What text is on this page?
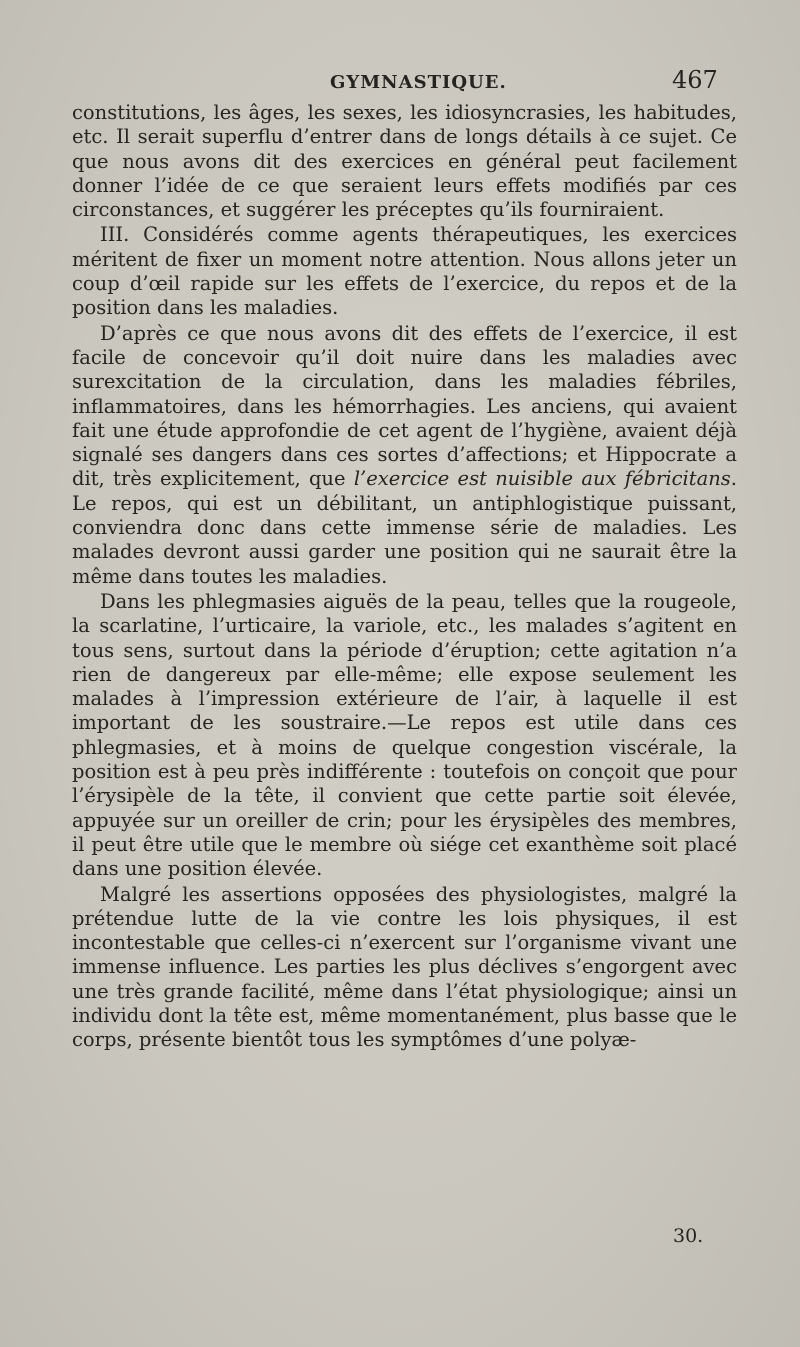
GYMNASTIQUE.	467

constitutions, les âges, les sexes, les idiosyncrasies, les habitudes, etc. Il serait superflu d’entrer dans de longs détails à ce sujet. Ce que nous avons dit des exercices en général peut facilement donner l’idée de ce que seraient leurs effets modifiés par ces circonstances, et suggérer les préceptes qu’ils fourniraient.

III. Considérés comme agents thérapeutiques, les exercices méritent de fixer un moment notre attention. Nous allons jeter un coup d’œil rapide sur les effets de l’exercice, du repos et de la position dans les maladies.

D’après ce que nous avons dit des effets de l’exercice, il est facile de concevoir qu’il doit nuire dans les maladies avec surexcitation de la circulation, dans les maladies fébriles, inflammatoires, dans les hémorrhagies. Les anciens, qui avaient fait une étude approfondie de cet agent de l’hygiène, avaient déjà signalé ses dangers dans ces sortes d’affections; et Hippocrate a dit, très explicitement, que l’exercice est nuisible aux fébricitans. Le repos, qui est un débilitant, un antiphlogistique puissant, conviendra donc dans cette immense série de maladies. Les malades devront aussi garder une position qui ne saurait être la même dans toutes les maladies.

Dans les phlegmasies aiguës de la peau, telles que la rougeole, la scarlatine, l’urticaire, la variole, etc., les malades s’agitent en tous sens, surtout dans la période d’éruption; cette agitation n’a rien de dangereux par elle-même; elle expose seulement les malades à l’impression extérieure de l’air, à laquelle il est important de les soustraire.—Le repos est utile dans ces phlegmasies, et à moins de quelque congestion viscérale, la position est à peu près indifférente : toutefois on conçoit que pour l’érysipèle de la tête, il convient que cette partie soit élevée, appuyée sur un oreiller de crin; pour les érysipèles des membres, il peut être utile que le membre où siége cet exanthème soit placé dans une position élevée.

Malgré les assertions opposées des physiologistes, malgré la prétendue lutte de la vie contre les lois physiques, il est incontestable que celles-ci n’exercent sur l’organisme vivant une immense influence. Les parties les plus déclives s’engorgent avec une très grande facilité, même dans l’état physiologique; ainsi un individu dont la tête est, même momentanément, plus basse que le corps, présente bientôt tous les symptômes d’une polyæ-

30.
